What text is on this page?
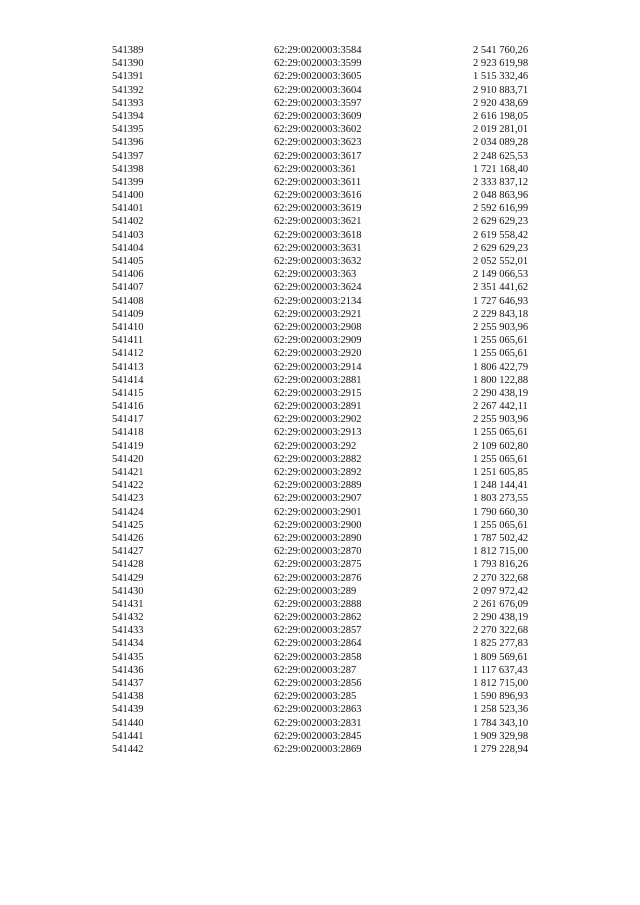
541389	62:29:0020003:3584	2 541 760,26
541390	62:29:0020003:3599	2 923 619,98
541391	62:29:0020003:3605	1 515 332,46
541392	62:29:0020003:3604	2 910 883,71
541393	62:29:0020003:3597	2 920 438,69
541394	62:29:0020003:3609	2 616 198,05
541395	62:29:0020003:3602	2 019 281,01
541396	62:29:0020003:3623	2 034 089,28
541397	62:29:0020003:3617	2 248 625,53
541398	62:29:0020003:361	1 721 168,40
541399	62:29:0020003:3611	2 333 837,12
541400	62:29:0020003:3616	2 048 863,96
541401	62:29:0020003:3619	2 592 616,99
541402	62:29:0020003:3621	2 629 629,23
541403	62:29:0020003:3618	2 619 558,42
541404	62:29:0020003:3631	2 629 629,23
541405	62:29:0020003:3632	2 052 552,01
541406	62:29:0020003:363	2 149 066,53
541407	62:29:0020003:3624	2 351 441,62
541408	62:29:0020003:2134	1 727 646,93
541409	62:29:0020003:2921	2 229 843,18
541410	62:29:0020003:2908	2 255 903,96
541411	62:29:0020003:2909	1 255 065,61
541412	62:29:0020003:2920	1 255 065,61
541413	62:29:0020003:2914	1 806 422,79
541414	62:29:0020003:2881	1 800 122,88
541415	62:29:0020003:2915	2 290 438,19
541416	62:29:0020003:2891	2 267 442,11
541417	62:29:0020003:2902	2 255 903,96
541418	62:29:0020003:2913	1 255 065,61
541419	62:29:0020003:292	2 109 602,80
541420	62:29:0020003:2882	1 255 065,61
541421	62:29:0020003:2892	1 251 605,85
541422	62:29:0020003:2889	1 248 144,41
541423	62:29:0020003:2907	1 803 273,55
541424	62:29:0020003:2901	1 790 660,30
541425	62:29:0020003:2900	1 255 065,61
541426	62:29:0020003:2890	1 787 502,42
541427	62:29:0020003:2870	1 812 715,00
541428	62:29:0020003:2875	1 793 816,26
541429	62:29:0020003:2876	2 270 322,68
541430	62:29:0020003:289	2 097 972,42
541431	62:29:0020003:2888	2 261 676,09
541432	62:29:0020003:2862	2 290 438,19
541433	62:29:0020003:2857	2 270 322,68
541434	62:29:0020003:2864	1 825 277,83
541435	62:29:0020003:2858	1 809 569,61
541436	62:29:0020003:287	1 117 637,43
541437	62:29:0020003:2856	1 812 715,00
541438	62:29:0020003:285	1 590 896,93
541439	62:29:0020003:2863	1 258 523,36
541440	62:29:0020003:2831	1 784 343,10
541441	62:29:0020003:2845	1 909 329,98
541442	62:29:0020003:2869	1 279 228,94
